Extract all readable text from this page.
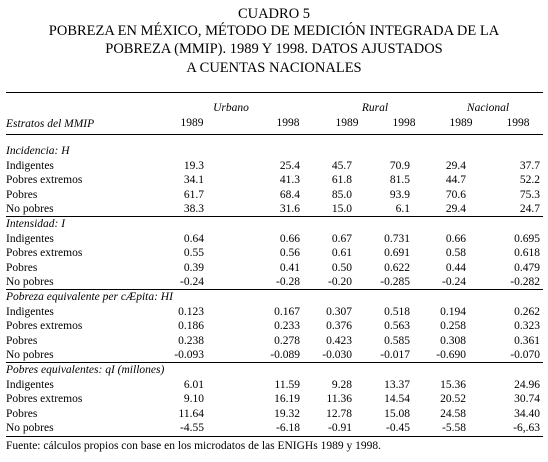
CUADRO 5
POBREZA EN MÉXICO, MÉTODO DE MEDICIÓN INTEGRADA DE LA
POBREZA (MMIP). 1989 Y 1998. DATOS AJUSTADOS
A CUENTAS NACIONALES
Urbano	Rural	Nacional
Estratos del MMIP	1989	1998	1989	1998	1989	1998
Incidencia: H
Indigentes	19.3	25.4	45.7	70.9	29.4	37.7
Pobres extremos	34.1	41.3	61.8	81.5	44.7	52.2
Pobres	61.7	68.4	85.0	93.9	70.6	75.3
No pobres	38.3	31.6	15.0	6.1	29.4	24.7
Intensidad: I
Indigentes	0.64	0.66	0.67	0.731	0.66	0.695
Pobres extremos	0.55	0.56	0.61	0.691	0.58	0.618
Pobres	0.39	0.41	0.50	0.622	0.44	0.479
No pobres	-0.24	-0.28	-0.20	-0.285	-0.24	-0.282
Pobreza equivalente per cÆpita: HI
Indigentes	0.123	0.167	0.307	0.518	0.194	0.262
Pobres extremos	0.186	0.233	0.376	0.563	0.258	0.323
Pobres	0.238	0.278	0.423	0.585	0.308	0.361
No pobres	-0.093	-0.089	-0.030	-0.017	-0.690	-0.070
Pobres equivalentes: qI (millones)
Indigentes	6.01	11.59	9.28	13.37	15.36	24.96
Pobres extremos	9.10	16.19	11.36	14.54	20.52	30.74
Pobres	11.64	19.32	12.78	15.08	24.58	34.40
No pobres	-4.55	-6.18	-0.91	-0.45	-5.58	-6,.63
Fuente: cálculos propios con base en los microdatos de las ENIGHs 1989 y 1998.
